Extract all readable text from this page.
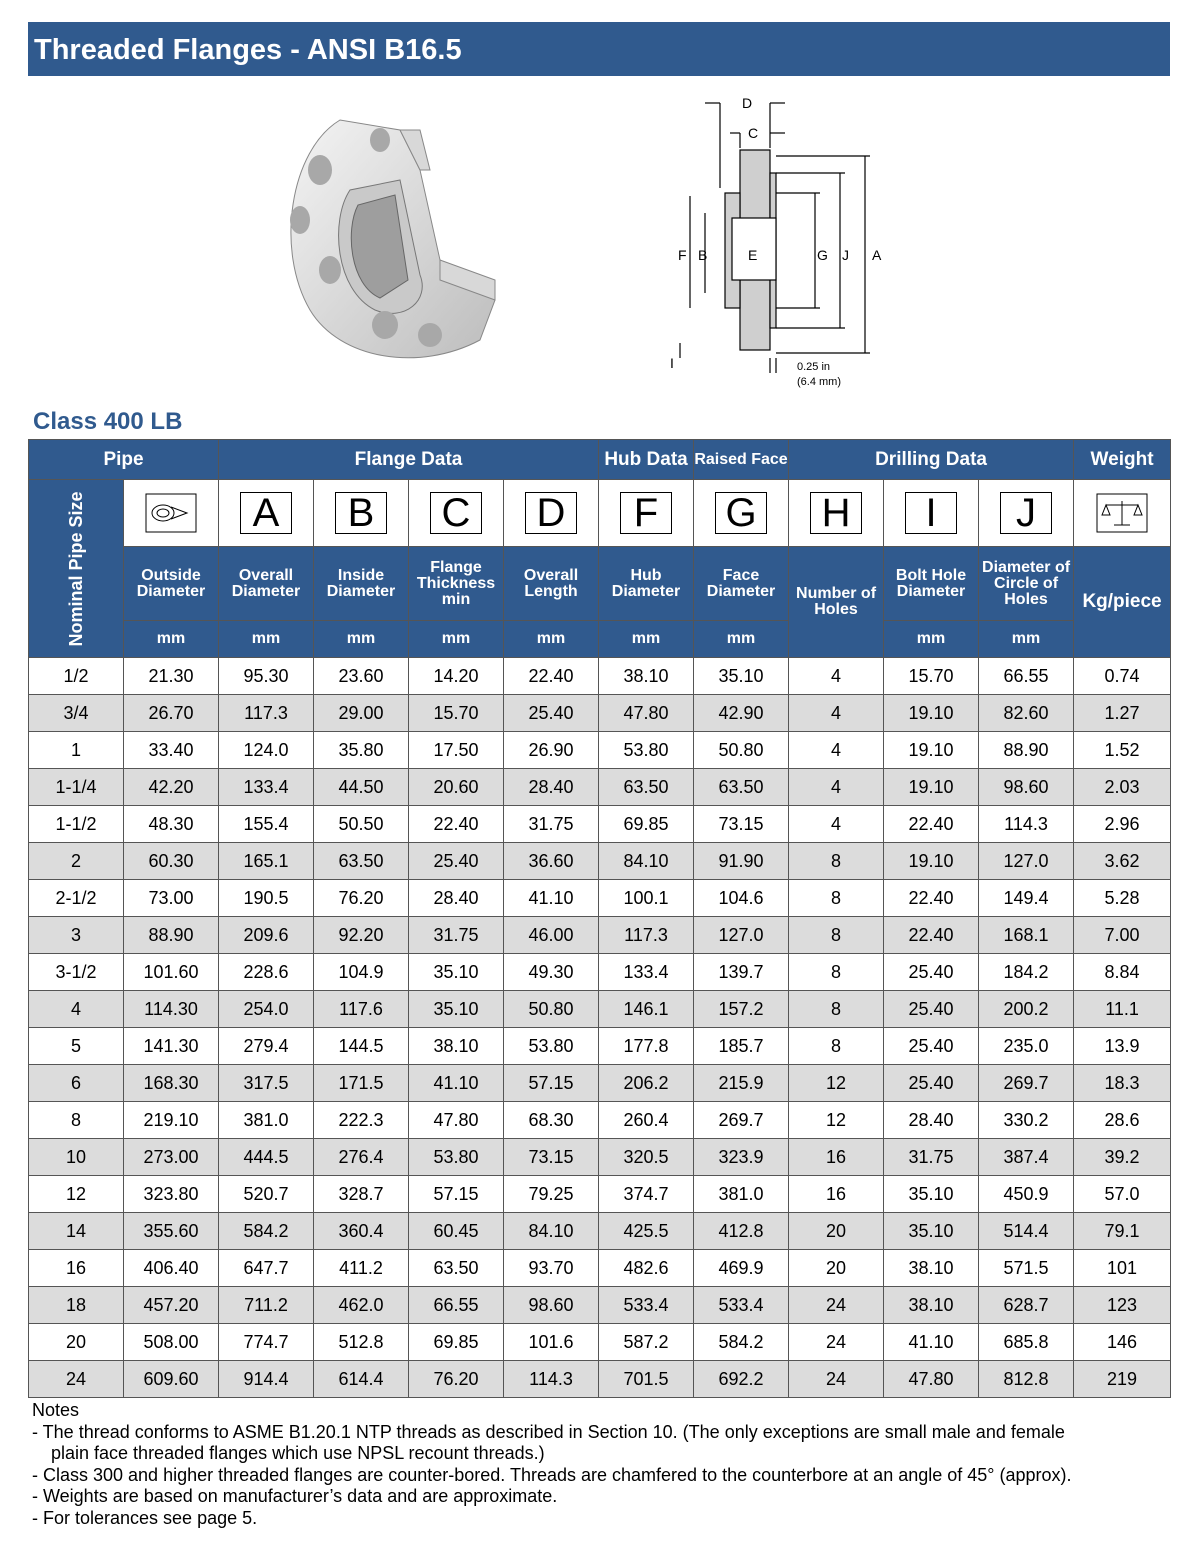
Threaded Flanges - ANSI B16.5
D
C
F B	E	G J A
I	0.25 in
(6.4 mm)
Class 400 LB
Pipe		Flange Data				Hub Data	Raised Face	Drilling Data			Weight

Nominal Pipe Size		A	B	C	D	F	G	H	I	J

	Outside Diameter	Overall Diameter	Inside Diameter	Flange Thickness min	Overall Length	Hub Diameter	Face Diameter	Number of Holes	Bolt Hole Diameter	Diameter of Circle of Holes	Kg/piece
	mm	mm	mm	mm	mm	mm	mm		mm	mm	
1/2	21.30	95.30	23.60	14.20	22.40	38.10	35.10	4	15.70	66.55	0.74
3/4	26.70	117.3	29.00	15.70	25.40	47.80	42.90	4	19.10	82.60	1.27
1	33.40	124.0	35.80	17.50	26.90	53.80	50.80	4	19.10	88.90	1.52
1-1/4	42.20	133.4	44.50	20.60	28.40	63.50	63.50	4	19.10	98.60	2.03
1-1/2	48.30	155.4	50.50	22.40	31.75	69.85	73.15	4	22.40	114.3	2.96
2	60.30	165.1	63.50	25.40	36.60	84.10	91.90	8	19.10	127.0	3.62
2-1/2	73.00	190.5	76.20	28.40	41.10	100.1	104.6	8	22.40	149.4	5.28
3	88.90	209.6	92.20	31.75	46.00	117.3	127.0	8	22.40	168.1	7.00
3-1/2	101.60	228.6	104.9	35.10	49.30	133.4	139.7	8	25.40	184.2	8.84
4	114.30	254.0	117.6	35.10	50.80	146.1	157.2	8	25.40	200.2	11.1
5	141.30	279.4	144.5	38.10	53.80	177.8	185.7	8	25.40	235.0	13.9
6	168.30	317.5	171.5	41.10	57.15	206.2	215.9	12	25.40	269.7	18.3
8	219.10	381.0	222.3	47.80	68.30	260.4	269.7	12	28.40	330.2	28.6
10	273.00	444.5	276.4	53.80	73.15	320.5	323.9	16	31.75	387.4	39.2
12	323.80	520.7	328.7	57.15	79.25	374.7	381.0	16	35.10	450.9	57.0
14	355.60	584.2	360.4	60.45	84.10	425.5	412.8	20	35.10	514.4	79.1
16	406.40	647.7	411.2	63.50	93.70	482.6	469.9	20	38.10	571.5	101
18	457.20	711.2	462.0	66.55	98.60	533.4	533.4	24	38.10	628.7	123
20	508.00	774.7	512.8	69.85	101.6	587.2	584.2	24	41.10	685.8	146
24	609.60	914.4	614.4	76.20	114.3	701.5	692.2	24	47.80	812.8	219
Notes
- The thread conforms to ASME B1.20.1 NTP threads as described in Section 10. (The only exceptions are small male and female
plain face threaded flanges which use NPSL recount threads.)
- Class 300 and higher threaded flanges are counter-bored. Threads are chamfered to the counterbore at an angle of 45° (approx).
- Weights are based on manufacturer’s data and are approximate.
- For tolerances see page 5.
